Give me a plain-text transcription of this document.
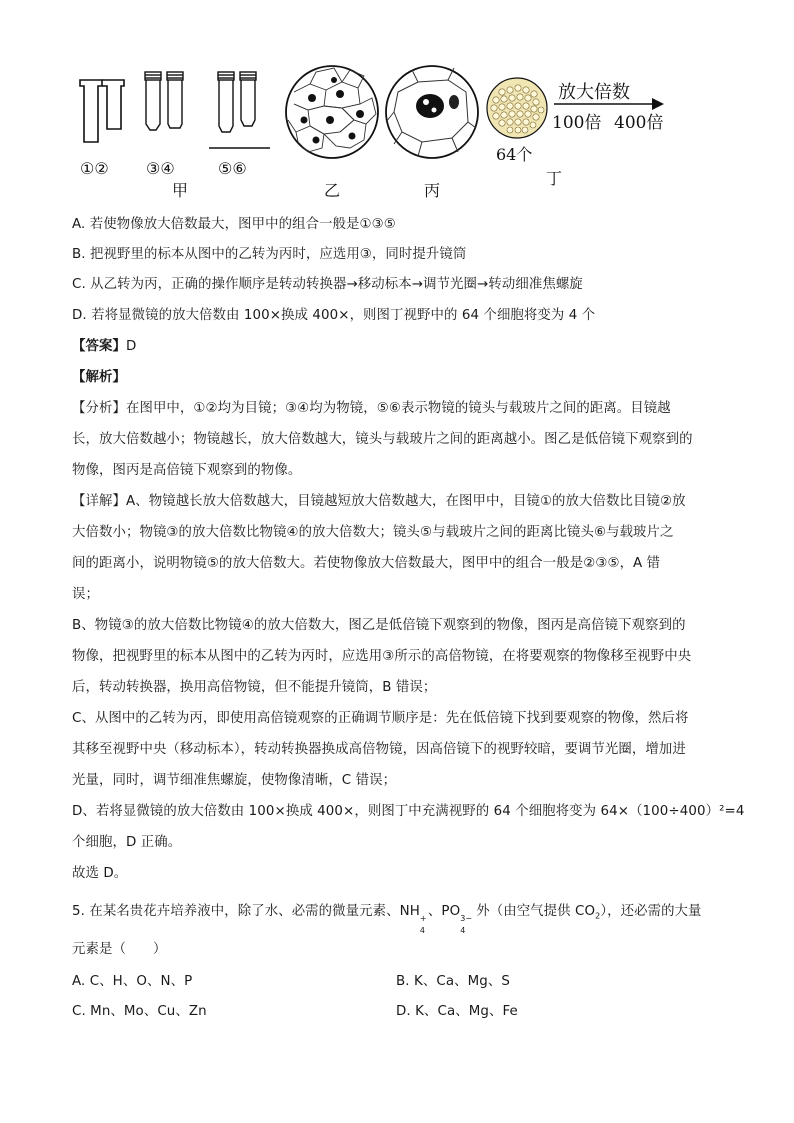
①② ③④	⑤⑥
甲	乙	丙
64个
丁
放大倍数
100倍 400倍
A. 若使物像放大倍数最大，图甲中的组合一般是①③⑤
B. 把视野里的标本从图中的乙转为丙时，应选用③，同时提升镜筒
C. 从乙转为丙，正确的操作顺序是转动转换器→移动标本→调节光圈→转动细准焦螺旋
D. 若将显微镜的放大倍数由 100×换成 400×，则图丁视野中的 64 个细胞将变为 4 个
【答案】D
【解析】
【分析】在图甲中，①②均为目镜；③④均为物镜，⑤⑥表示物镜的镜头与载玻片之间的距离。目镜越
长，放大倍数越小；物镜越长，放大倍数越大，镜头与载玻片之间的距离越小。图乙是低倍镜下观察到的
物像，图丙是高倍镜下观察到的物像。
【详解】A、物镜越长放大倍数越大，目镜越短放大倍数越大，在图甲中，目镜①的放大倍数比目镜②放
大倍数小；物镜③的放大倍数比物镜④的放大倍数大；镜头⑤与载玻片之间的距离比镜头⑥与载玻片之
间的距离小，说明物镜⑤的放大倍数大。若使物像放大倍数最大，图甲中的组合一般是②③⑤，A 错
误；
B、物镜③的放大倍数比物镜④的放大倍数大，图乙是低倍镜下观察到的物像，图丙是高倍镜下观察到的
物像，把视野里的标本从图中的乙转为丙时，应选用③所示的高倍物镜，在将要观察的物像移至视野中央
后，转动转换器，换用高倍物镜，但不能提升镜筒，B 错误；
C、从图中的乙转为丙，即使用高倍镜观察的正确调节顺序是：先在低倍镜下找到要观察的物像，然后将
其移至视野中央（移动标本），转动转换器换成高倍物镜，因高倍镜下的视野较暗，要调节光圈，增加进
光量，同时，调节细准焦螺旋，使物像清晰，C 错误；
D、若将显微镜的放大倍数由 100×换成 400×，则图丁中充满视野的 64 个细胞将变为 64×（100÷400）²=4
个细胞，D 正确。
故选 D。
5. 在某名贵花卉培养液中，除了水、必需的微量元素、NH +
4
、PO 3−
4
外（由空气提供 $CO_2$），还必需的大量
元素是（　　）
A. C、H、O、N、P	B. K、Ca、Mg、S
C. Mn、Mo、Cu、Zn	D. K、Ca、Mg、Fe
